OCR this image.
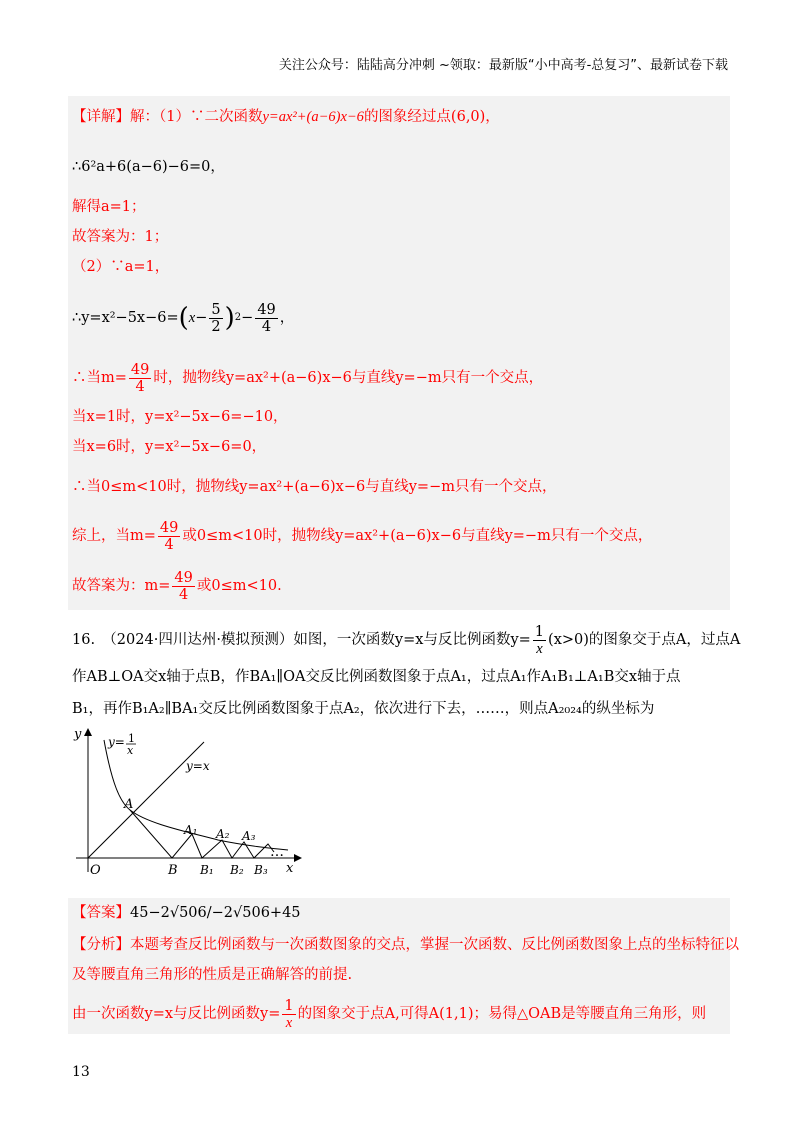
关注公众号：陆陆高分冲刺 ~领取：最新版“小中高考-总复习”、最新试卷下载
【详解】解：（1）∵二次函数y=ax²+(a−6)x−6的图象经过点(6,0)，
∴6²a+6(a−6)−6=0，
解得a=1；
故答案为：1；
（2）∵a=1，
∴y=x²−5x−6= ( $x - \frac{5}{2}$ ) $2 - \frac{49}{4}$ ，
∴当$m= \frac{49}{4}$ 时，抛物线y=ax²+(a−6)x−6与直线y=−m只有一个交点，
当x=1时，y=x²−5x−6=−10，
当x=6时，y=x²−5x−6=0，
∴当0≤m<10时，抛物线y=ax²+(a−6)x−6与直线y=−m只有一个交点，
综上，当$m= \frac{49}{4}$ 或0≤m<10时，抛物线y=ax²+(a−6)x−6与直线y=−m只有一个交点，
故答案为：$m= \frac{49}{4}$ 或0≤m<10.
16.　（2024·四川达州·模拟预测）如图，一次函数y=x与反比例函数$y= \frac{1}{x} (x>0)$的图象交于点A，过点A
作AB⊥OA交x轴于点B，作BA₁∥OA交反比例函数图象于点A₁，过点A₁作A₁B₁⊥A₁B交x轴于点
B₁，再作B₁A₂∥BA₁交反比例函数图象于点A₂，依次进行下去，……，则点A₂₀₂₄的纵坐标为
…
y
x
O
y= 1
x
y=x
A
A₁ A₂ A₃
B B₁ B₂ B₃
【答案】45−2√506/−2√506+45
【分析】本题考查反比例函数与一次函数图象的交点，掌握一次函数、反比例函数图象上点的坐标特征以
及等腰直角三角形的性质是正确解答的前提.
由一次函数y=x与反比例函数$y= \frac{1}{x}$ 的图象交于点A,可得A(1,1)；易得△OAB是等腰直角三角形，则
13
